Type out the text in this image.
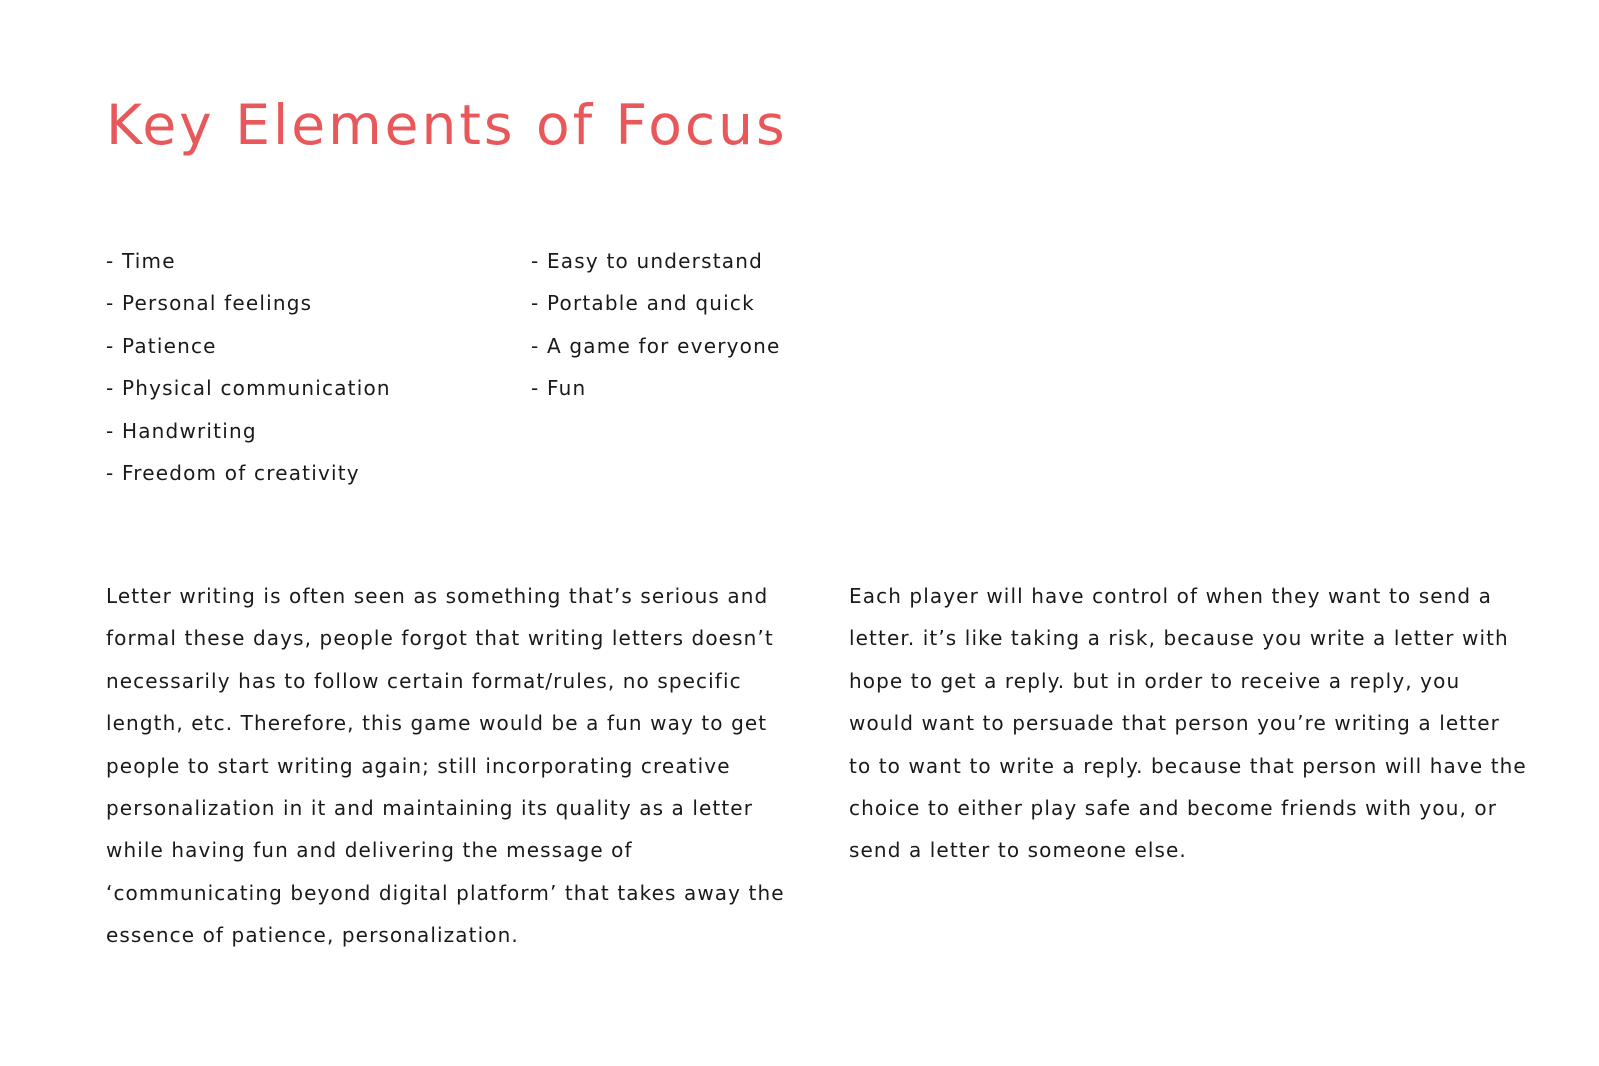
Key Elements of Focus
- Time
- Personal feelings
- Patience
- Physical communication
- Handwriting
- Freedom of creativity
- Easy to understand
- Portable and quick
- A game for everyone
- Fun

Letter writing is often seen as something that’s serious and formal these days, people forgot that writing letters doesn’t necessarily has to follow certain format/rules, no specific length, etc. Therefore, this game would be a fun way to get people to start writing again; still incorporating creative personalization in it and maintaining its quality as a letter while having fun and delivering the message of ‘communicating beyond digital platform’ that takes away the essence of patience, personalization.

Each player will have control of when they want to send a letter. it’s like taking a risk, because you write a letter with hope to get a reply. but in order to receive a reply, you would want to persuade that person you’re writing a letter to to want to write a reply. because that person will have the choice to either play safe and become friends with you, or send a letter to someone else.
